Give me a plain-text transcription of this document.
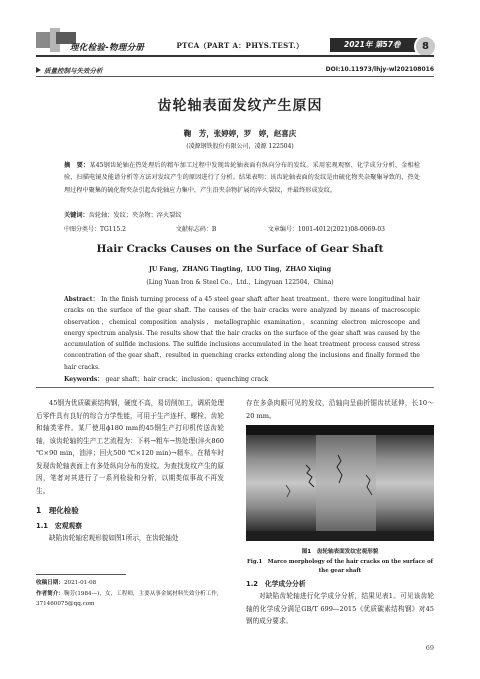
理化检验-物理分册	PTCA（PART A：PHYS.TEST.）	2021年 第57卷	8
质量控制与失效分析	DOI:10.11973/lhjy-wl202108016
齿轮轴表面发纹产生原因
鞠　芳，张婷婷，罗　婷，赵喜庆
(凌源钢铁股份有限公司，凌源 122504)
摘　要：某45钢齿轮轴在热处理后的精车加工过程中发现齿轮轴表面有纵向分布的发纹。采用宏观观察、化学成分分析、金相检验、扫描电镜及能谱分析等方法对发纹产生的原因进行了分析。结果表明：该齿轮轴表面的发纹是由硫化物夹杂聚集导致的，热处理过程中聚集的硫化物夹杂引起齿轮轴应力集中，产生沿夹杂物扩展的淬火裂纹，并最终形成发纹。
关键词：齿轮轴；发纹；夹杂物；淬火裂纹
中图分类号：TG115.2	文献标志码：B	文章编号：1001-4012(2021)08-0069-03
Hair Cracks Causes on the Surface of Gear Shaft
JU Fang，ZHANG Tingting，LUO Ting，ZHAO Xiqing
(Ling Yuan Iron & Steel Co.，Ltd.，Lingyuan 122504，China)
Abstract： In the finish turning process of a 45 steel gear shaft after heat treatment，there were longitudinal hair cracks on the surface of the gear shaft. The causes of the hair cracks were analyzed by means of macroscopic observation，chemical composition analysis，metallographic examination，scanning electron microscope and energy spectrum analysis. The results show that the hair cracks on the surface of the gear shaft was caused by the accumulation of sulfide inclusions. The sulfide inclusions accumulated in the heat treatment process caused stress concentration of the gear shaft，resulted in quenching cracks extending along the inclusions and finally formed the hair cracks.
Keywords： gear shaft；hair crack；inclusion；quenching crack

45钢为优质碳素结构钢，硬度不高，易切削加工，调质处理后零件具有良好的综合力学性能，可用于生产连杆、螺栓、齿轮和轴类零件。某厂使用ϕ180 mm的45钢生产打印机传送齿轮轴，该齿轮轴的生产工艺流程为：下料→粗车→热处理(淬火860 ℃×90 min，油淬；回火500 ℃×120 min)→精车。在精车时发现齿轮轴表面上有多处纵向分布的发纹。为查找发纹产生的原因，笔者对其进行了一系列检验和分析，以期类似事故不再发生。

1　理化检验
1.1　宏观观察

缺陷齿轮轴宏观形貌如图1所示，在齿轮轴处

收稿日期：2021-01-08
作者简介：鞠芳(1984—)，女，工程师，主要从事金属材料失效分析工作，371460075@qq.com

存在多条肉眼可见的发纹，沿轴向呈曲折锯齿状延伸，长10～20 mm。

图1　齿轮轴表面发纹宏观形貌
Fig.1　Marco morphology of the hair cracks on the surface of the gear shaft
1.2　化学成分分析

对缺陷齿轮轴进行化学成分分析，结果见表1。可见该齿轮轴的化学成分满足GB/T 699—2015《优质碳素结构钢》对45钢的成分要求。

69
